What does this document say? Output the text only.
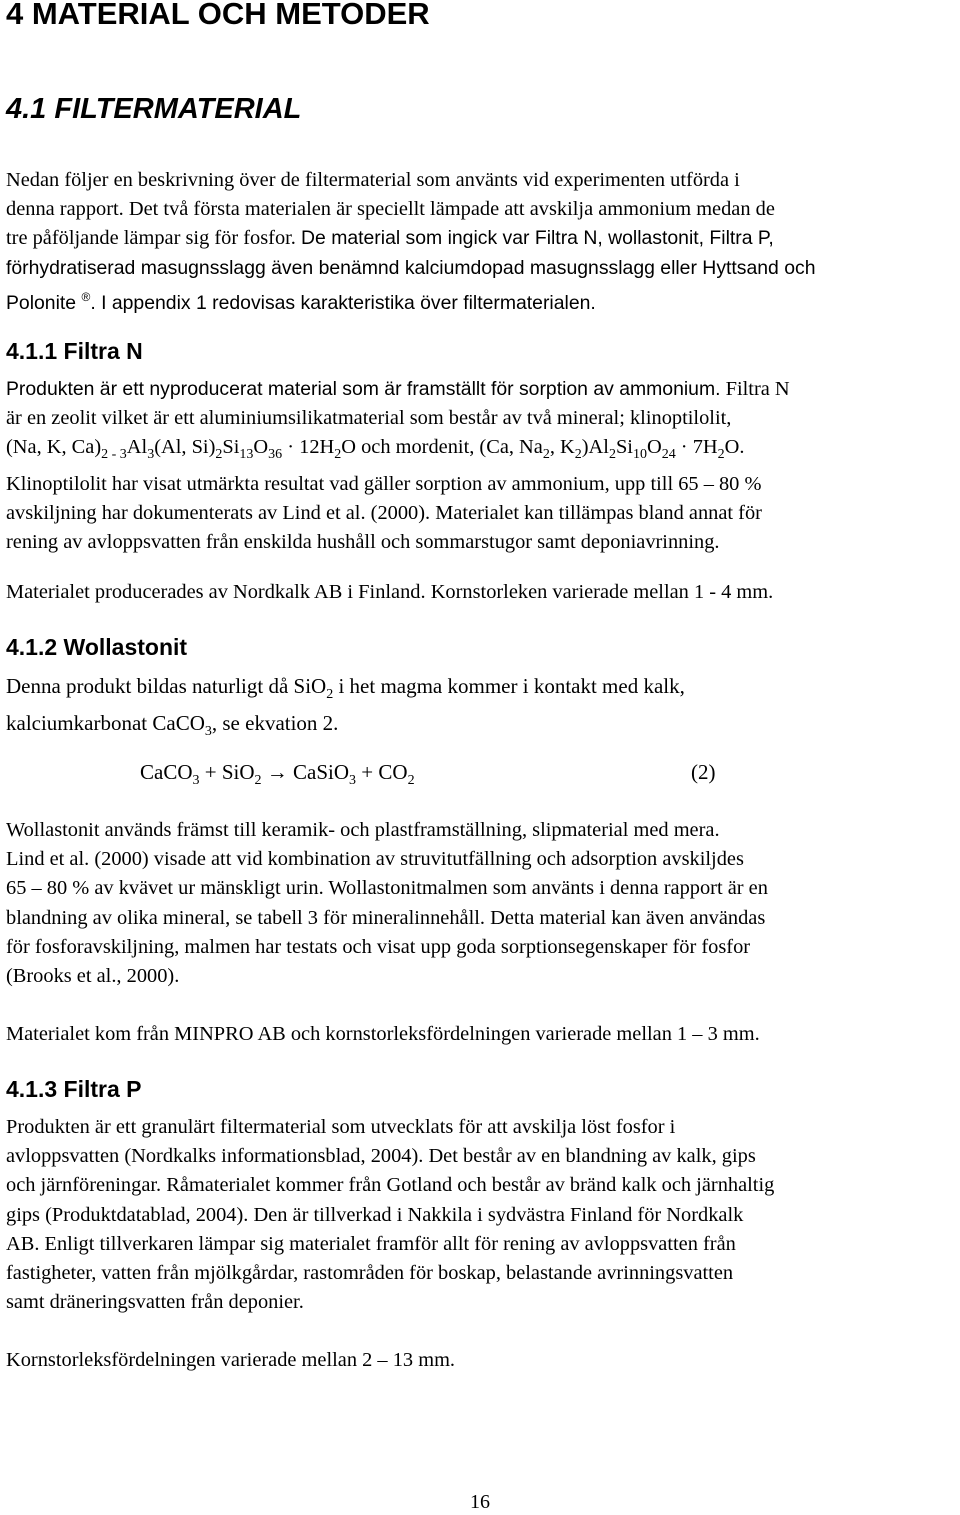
4 MATERIAL OCH METODER
4.1 FILTERMATERIAL
Nedan följer en beskrivning över de filtermaterial som använts vid experimenten utförda i
denna rapport. Det två första materialen är speciellt lämpade att avskilja ammonium medan de
tre påföljande lämpar sig för fosfor. De material som ingick var Filtra N, wollastonit, Filtra P,
förhydratiserad masugnsslagg även benämnd kalciumdopad masugnsslagg eller Hyttsand och
Polonite ®. I appendix 1 redovisas karakteristika över filtermaterialen.
4.1.1 Filtra N
Produkten är ett nyproducerat material som är framställt för sorption av ammonium. Filtra N
är en zeolit vilket är ett aluminiumsilikatmaterial som består av två mineral; klinoptilolit,
(Na, K, $Ca)_{2 - 3}Al_3(Al$, $Si)_2Si_{13}O_{36} \cdot 12H_2O$ och mordenit, (Ca, $Na_2$, $K_2)Al_2Si_{10}O_{24} \cdot 7H_2O$.
Klinoptilolit har visat utmärkta resultat vad gäller sorption av ammonium, upp till 65 – 80 %
avskiljning har dokumenterats av Lind et al. (2000). Materialet kan tillämpas bland annat för
rening av avloppsvatten från enskilda hushåll och sommarstugor samt deponiavrinning.
Materialet producerades av Nordkalk AB i Finland. Kornstorleken varierade mellan 1 - 4 mm.
4.1.2 Wollastonit
Denna produkt bildas naturligt då SiO$_2$ i het magma kommer i kontakt med kalk,
kalciumkarbonat CaCO$_3$, se ekvation 2.
CaCO$_3$ + SiO$_2$ → CaSiO$_3$ + $CO_2$	(2)
Wollastonit används främst till keramik- och plastframställning, slipmaterial med mera.
Lind et al. (2000) visade att vid kombination av struvitutfällning och adsorption avskiljdes
65 – 80 % av kvävet ur mänskligt urin. Wollastonitmalmen som använts i denna rapport är en
blandning av olika mineral, se tabell 3 för mineralinnehåll. Detta material kan även användas
för fosforavskiljning, malmen har testats och visat upp goda sorptionsegenskaper för fosfor
(Brooks et al., 2000).
Materialet kom från MINPRO AB och kornstorleksfördelningen varierade mellan 1 – 3 mm.
4.1.3 Filtra P
Produkten är ett granulärt filtermaterial som utvecklats för att avskilja löst fosfor i
avloppsvatten (Nordkalks informationsblad, 2004). Det består av en blandning av kalk, gips
och järnföreningar. Råmaterialet kommer från Gotland och består av bränd kalk och järnhaltig
gips (Produktdatablad, 2004). Den är tillverkad i Nakkila i sydvästra Finland för Nordkalk
AB. Enligt tillverkaren lämpar sig materialet framför allt för rening av avloppsvatten från
fastigheter, vatten från mjölkgårdar, rastområden för boskap, belastande avrinningsvatten
samt dräneringsvatten från deponier.
Kornstorleksfördelningen varierade mellan 2 – 13 mm.
16
